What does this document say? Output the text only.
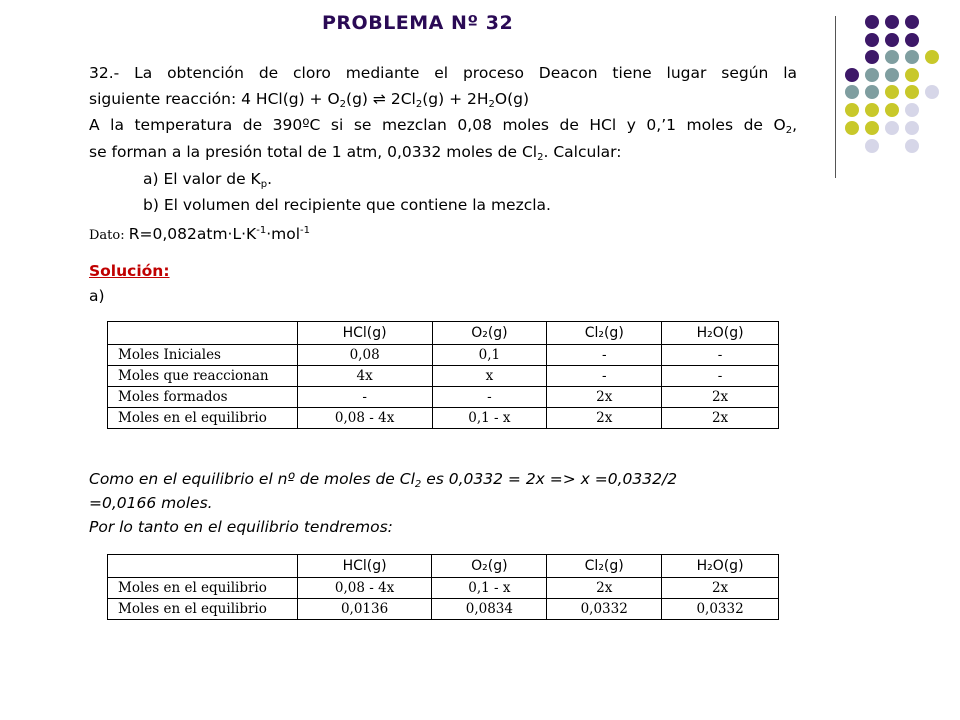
PROBLEMA Nº 32
32.- La obtención de cloro mediante el proceso Deacon tiene lugar según la
siguiente reacción: 4 $HCl(g) + O_2(g)$ ⇌ $2Cl_2(g) + 2H_2O(g)$
A la temperatura de 390ºC si se mezclan 0,08 moles de HCl y 0,’1 moles de $O_2$,
se forman a la presión total de 1 atm, 0,0332 moles de $Cl_2$. Calcular:
a) El valor de $K_p$.
b) El volumen del recipiente que contiene la mezcla.
Dato: $R=0,082atm\cdot L\cdot K^{-1}\cdot mol^{-1}$
Solución:
a)
	HCl(g)	O₂(g)	Cl₂(g)	H₂O(g)
Moles Iniciales	0,08	0,1	-	-
Moles que reaccionan	4x	x	-	-
Moles formados	-	-	2x	2x
Moles en el equilibrio	0,08 - 4x	0,1 - x	2x	2x
Como en el equilibrio el nº de moles de $Cl_2$ es 0,0332 = 2x => x =0,0332/2
=0,0166 moles.
Por lo tanto en el equilibrio tendremos:
	HCl(g)	O₂(g)	Cl₂(g)	H₂O(g)
Moles en el equilibrio	0,08 - 4x	0,1 - x	2x	2x
Moles en el equilibrio	0,0136	0,0834	0,0332	0,0332
